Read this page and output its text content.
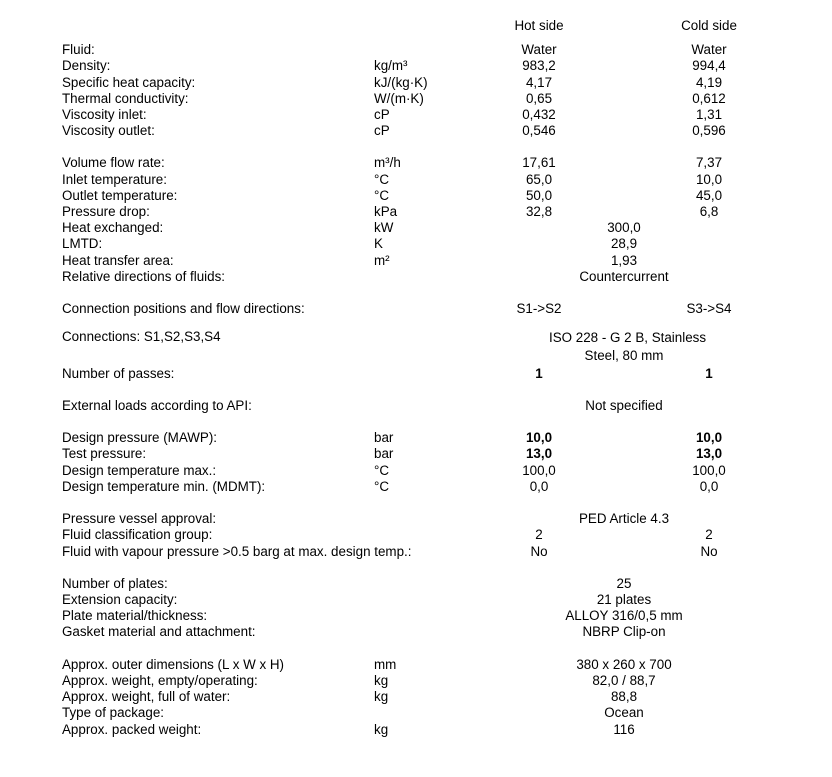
Hot side	Cold side
Fluid:	Water	Water
Density:	kg/m³	983,2	994,4
Specific heat capacity:	kJ/(kg·K)	4,17	4,19
Thermal conductivity:	W/(m·K)	0,65	0,612
Viscosity inlet:	cP	0,432	1,31
Viscosity outlet:	cP	0,546	0,596
Volume flow rate:	m³/h	17,61	7,37
Inlet temperature:	°C	65,0	10,0
Outlet temperature:	°C	50,0	45,0
Pressure drop:	kPa	32,8	6,8
Heat exchanged:	kW	300,0
LMTD:	K	28,9
Heat transfer area:	m²	1,93
Relative directions of fluids:	Countercurrent
Connection positions and flow directions:	S1->S2	S3->S4
Connections: S1,S2,S3,S4	ISO 228 - G 2 B, Stainless
Steel, 80 mm
Number of passes:	1	1
External loads according to API:	Not specified
Design pressure (MAWP):	bar	10,0	10,0
Test pressure:	bar	13,0	13,0
Design temperature max.:	°C	100,0	100,0
Design temperature min. (MDMT):	°C	0,0	0,0
Pressure vessel approval:	PED Article 4.3
Fluid classification group:	2	2
Fluid with vapour pressure >0.5 barg at max. design temp.:	No	No
Number of plates:	25
Extension capacity:	21 plates
Plate material/thickness:	ALLOY 316/0,5 mm
Gasket material and attachment:	NBRP Clip-on
Approx. outer dimensions (L x W x H)	mm	380 x 260 x 700
Approx. weight, empty/operating:	kg	82,0 / 88,7
Approx. weight, full of water:	kg	88,8
Type of package:	Ocean
Approx. packed weight:	kg	116
